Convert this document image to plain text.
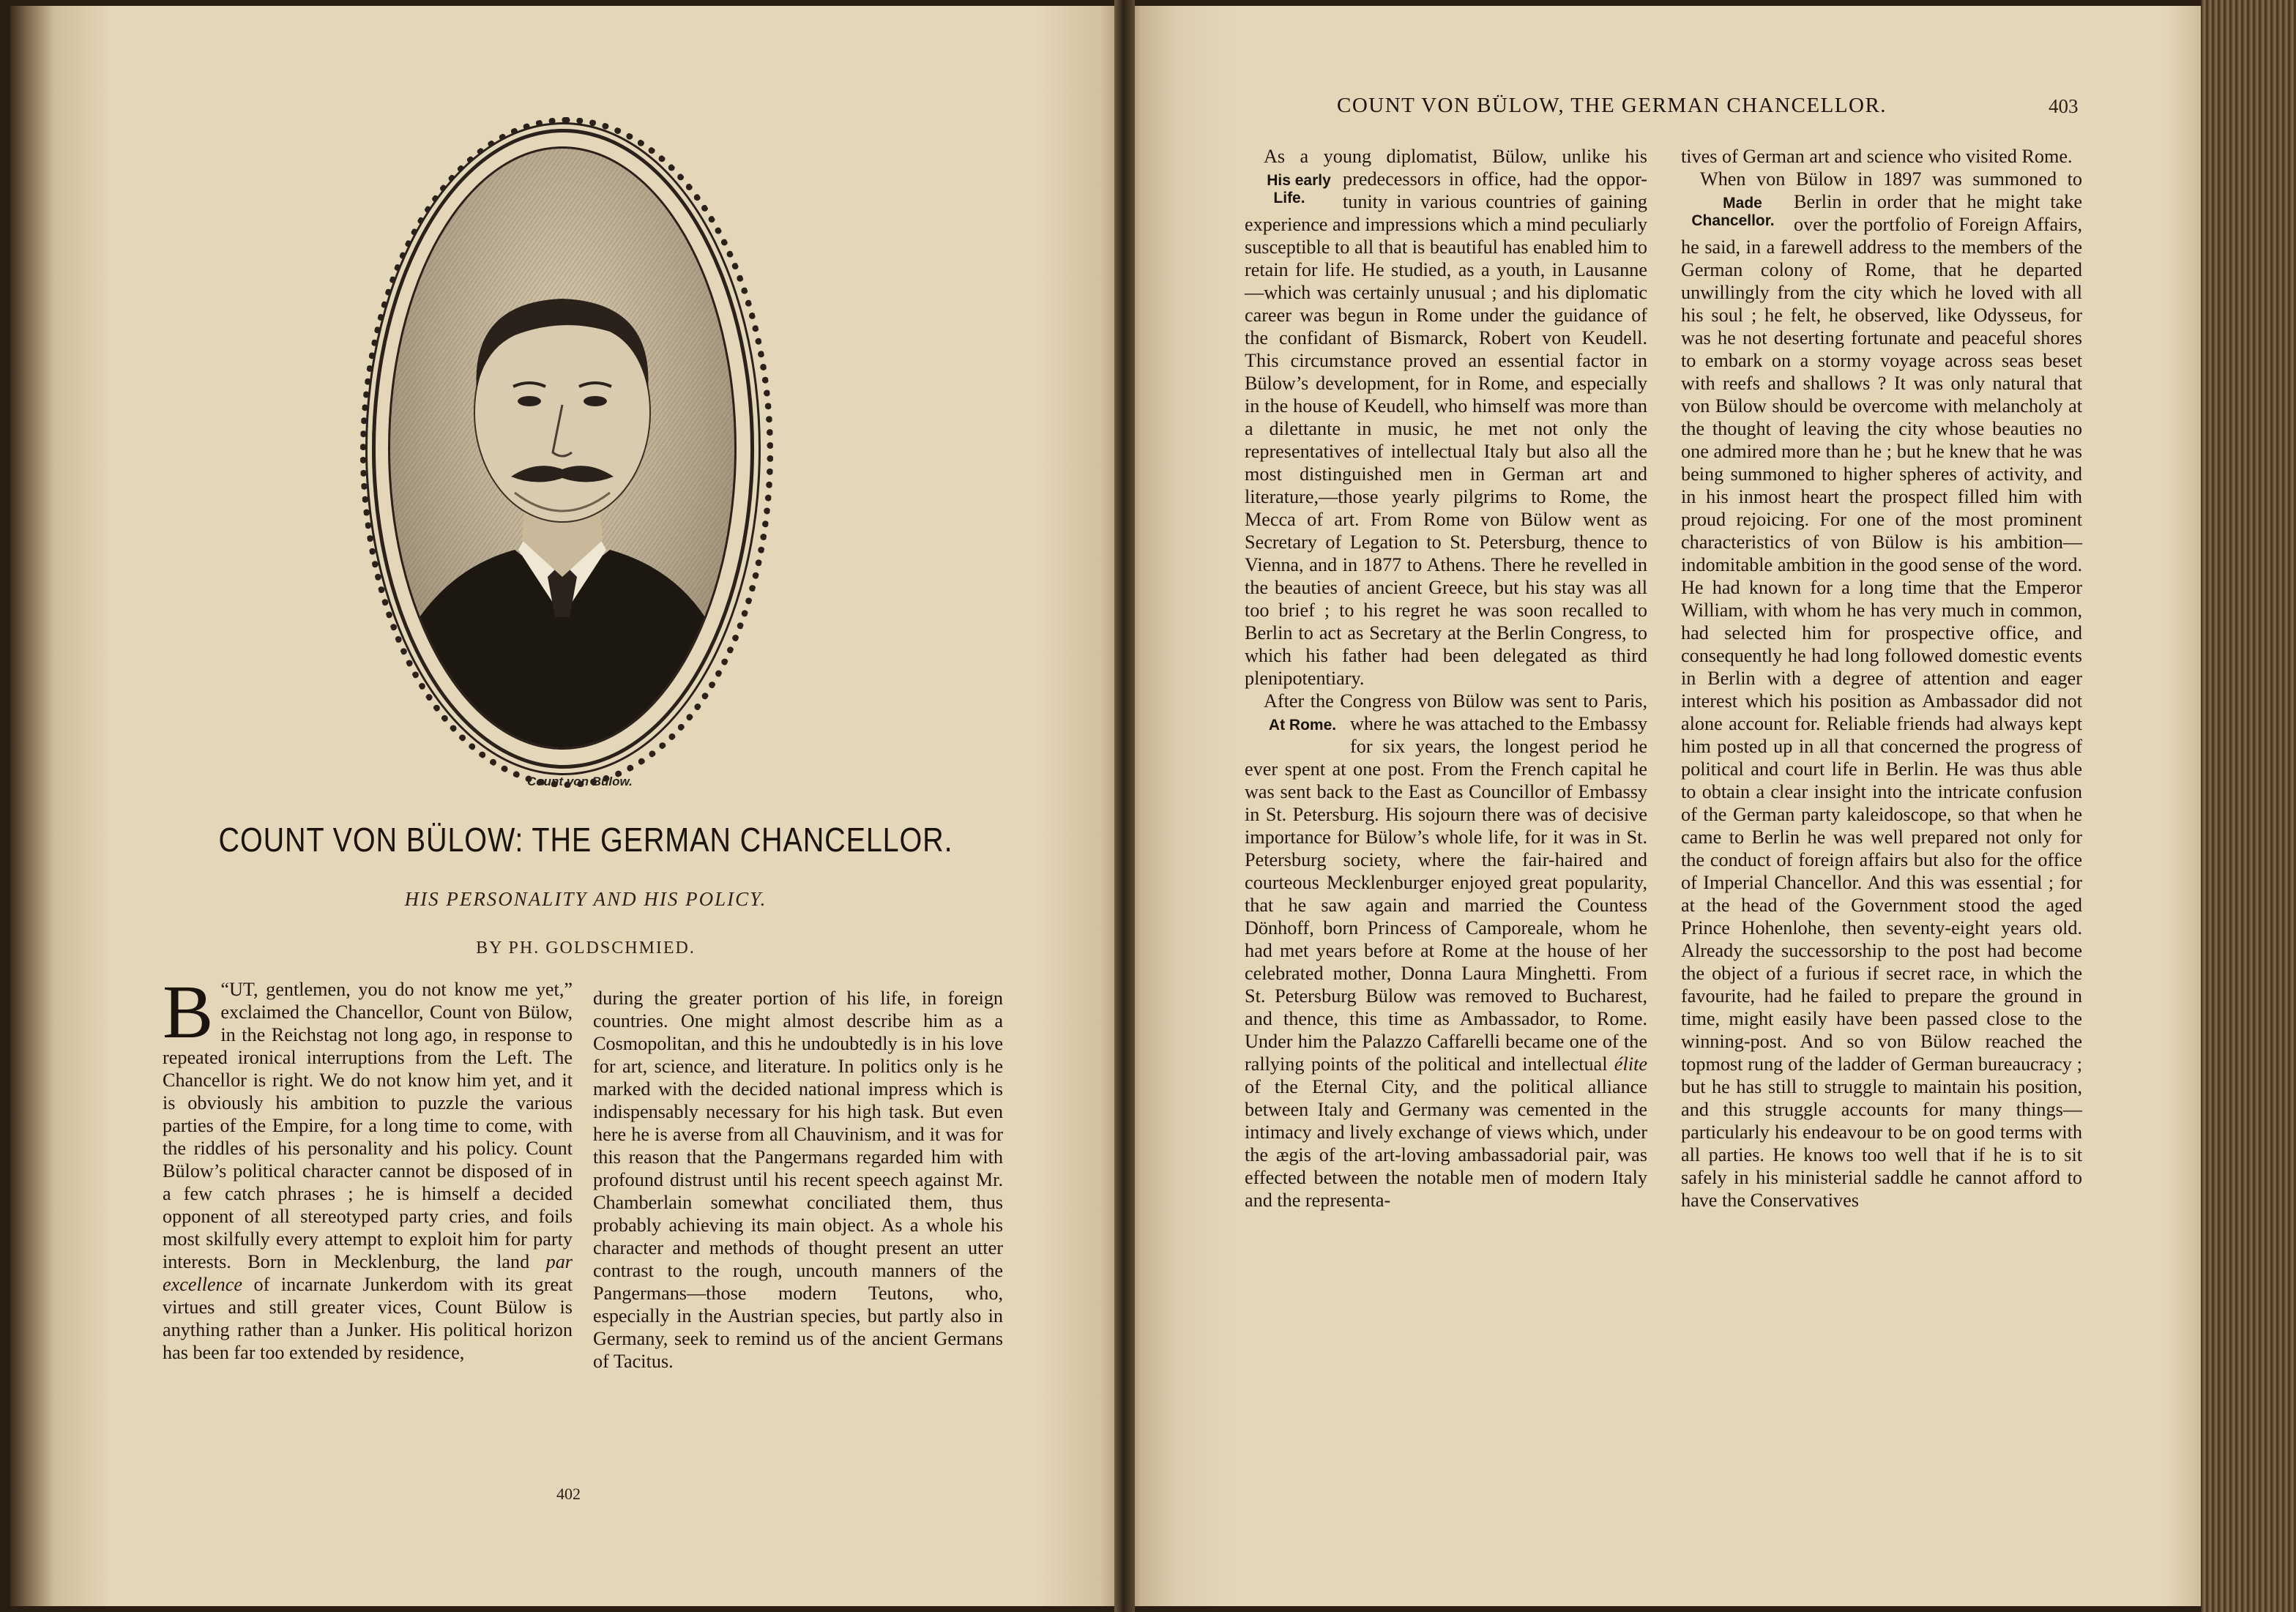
Count von Bülow.
COUNT VON BÜLOW: THE GERMAN CHANCELLOR.
HIS PERSONALITY AND HIS POLICY.
BY PH. GOLDSCHMIED.

“
B UT, gentlemen, you do not know me yet,” exclaimed the Chancellor, Count von Bülow, in the Reichstag not long ago, in response to repeated ironical interruptions from the Left. The Chancellor is right. We do not know him yet, and it is obviously his ambition to puzzle the various parties of the Empire, for a long time to come, with the riddles of his personality and his policy. Count Bülow’s political character cannot be disposed of in a few catch phrases ; he is himself a decided opponent of all stereotyped party cries, and foils most skilfully every attempt to exploit him for party interests. Born in Mecklenburg, the land par excellence of incarnate Junkerdom with its great virtues and still greater vices, Count Bülow is anything rather than a Junker. His political horizon has been far too extended by residence,

during the greater portion of his life, in foreign countries. One might almost describe him as a Cosmopolitan, and this he undoubtedly is in his love for art, science, and literature. In politics only is he marked with the decided national impress which is indispensably necessary for his high task. But even here he is averse from all Chauvinism, and it was for this reason that the Pangermans regarded him with profound distrust until his recent speech against Mr. Chamberlain somewhat conciliated them, thus probably achieving its main object. As a whole his character and methods of thought present an utter contrast to the rough, uncouth manners of the Pangermans—those modern Teutons, who, especially in the Austrian species, but partly also in Germany, seek to remind us of the ancient Germans of Tacitus.

402
COUNT VON BÜLOW, THE GERMAN CHANCELLOR.	403

As a young diplomatist, Bülow, unlike his predecessors in office, had the oppor-
His early
Life.	tunity in various countries of gaining experience and impressions which a mind peculiarly susceptible to all that is beautiful has enabled him to retain for life. He studied, as a youth, in Lausanne —which was certainly unusual ; and his diplomatic career was begun in Rome under the guidance of the confidant of Bismarck, Robert von Keudell. This circumstance proved an essential factor in Bülow’s development, for in Rome, and especially in the house of Keudell, who himself was more than a dilettante in music, he met not only the representatives of intellectual Italy but also all the most distinguished men in German art and literature,—those yearly pilgrims to Rome, the Mecca of art. From Rome von Bülow went as Secretary of Legation to St. Petersburg, thence to Vienna, and in 1877 to Athens. There he revelled in the beauties of ancient Greece, but his stay was all too brief ; to his regret he was soon recalled to Berlin to act as Secretary at the Berlin Congress, to which his father had been delegated as third plenipotentiary.

After the Congress von Bülow was sent to Paris, where he was attached to the
At Rome.	Embassy for six years, the longest period he ever spent at one post. From the French capital he was sent back to the East as Councillor of Embassy in St. Petersburg. His sojourn there was of decisive importance for Bülow’s whole life, for it was in St. Petersburg society, where the fair-haired and courteous Mecklenburger enjoyed great popularity, that he saw again and married the Countess Dönhoff, born Princess of Camporeale, whom he had met years before at Rome at the house of her celebrated mother, Donna Laura Minghetti. From St. Petersburg Bülow was removed to Bucharest, and thence, this time as Ambassador, to Rome. Under him the Palazzo Caffarelli became one of the rallying points of the political and intellectual élite of the Eternal City, and the political alliance between Italy and Germany was cemented in the intimacy and lively exchange of views which, under the ægis of the art-loving ambassadorial pair, was effected between the notable men of modern Italy and the representa-

tives of German art and science who visited Rome.

When von Bülow in 1897 was summoned to Berlin in order that he might
Made
Chancellor.
take over the portfolio of Foreign Affairs, he said, in a farewell address to the members of the German colony of Rome, that he departed unwillingly from the city which he loved with all his soul ; he felt, he observed, like Odysseus, for was he not deserting fortunate and peaceful shores to embark on a stormy voyage across seas beset with reefs and shallows ? It was only natural that von Bülow should be overcome with melancholy at the thought of leaving the city whose beauties no one admired more than he ; but he knew that he was being summoned to higher spheres of activity, and in his inmost heart the prospect filled him with proud rejoicing. For one of the most prominent characteristics of von Bülow is his ambition—indomitable ambition in the good sense of the word. He had known for a long time that the Emperor William, with whom he has very much in common, had selected him for prospective office, and consequently he had long followed domestic events in Berlin with a degree of attention and eager interest which his position as Ambassador did not alone account for. Reliable friends had always kept him posted up in all that concerned the progress of political and court life in Berlin. He was thus able to obtain a clear insight into the intricate confusion of the German party kaleidoscope, so that when he came to Berlin he was well prepared not only for the conduct of foreign affairs but also for the office of Imperial Chancellor. And this was essential ; for at the head of the Government stood the aged Prince Hohenlohe, then seventy-eight years old. Already the successorship to the post had become the object of a furious if secret race, in which the favourite, had he failed to prepare the ground in time, might easily have been passed close to the winning-post. And so von Bülow reached the topmost rung of the ladder of German bureaucracy ; but he has still to struggle to maintain his position, and this struggle accounts for many things—particularly his endeavour to be on good terms with all parties. He knows too well that if he is to sit safely in his ministerial saddle he cannot afford to have the Conservatives
